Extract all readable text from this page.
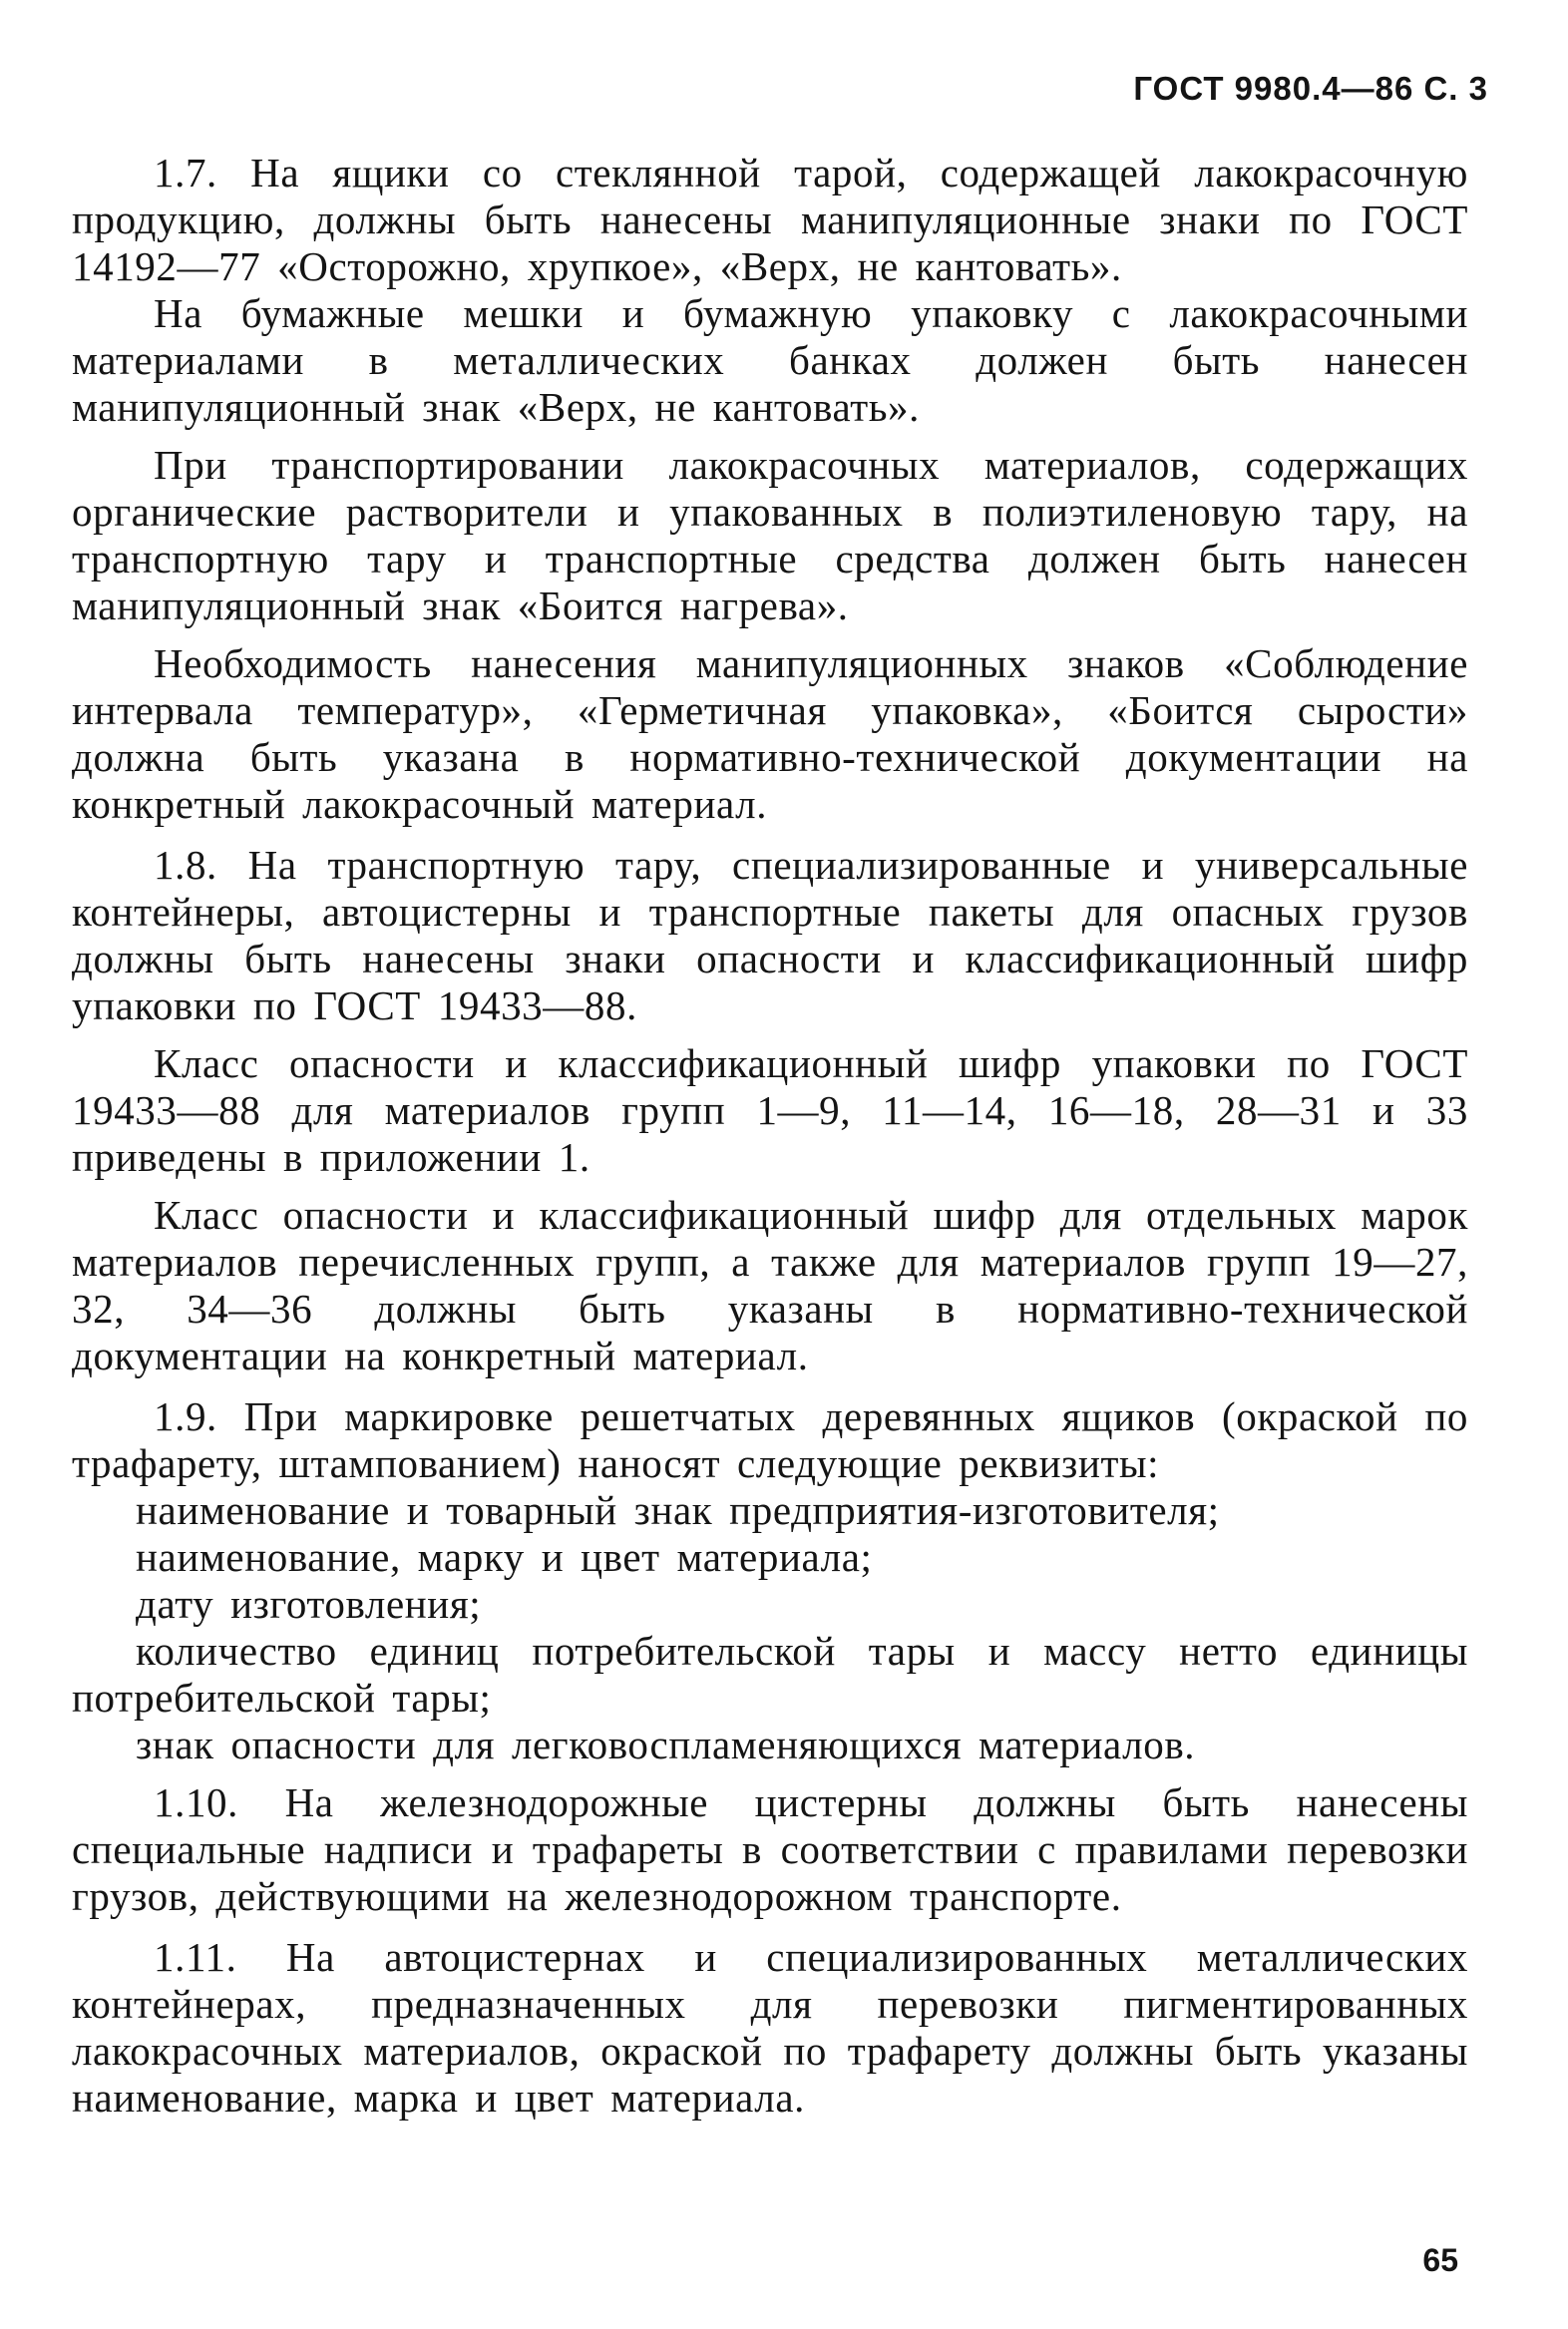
ГОСТ 9980.4—86 С. 3

1.7. На ящики со стеклянной тарой, содержащей лакокрасочную продукцию, должны быть нанесены манипуляционные знаки по ГОСТ 14192—77 «Осторожно, хрупкое», «Верх, не кантовать».

На бумажные мешки и бумажную упаковку с лакокрасочными материалами в металлических банках должен быть нанесен манипуляционный знак «Верх, не кантовать».

При транспортировании лакокрасочных материалов, содержащих органические растворители и упакованных в полиэтиленовую тару, на транспортную тару и транспортные средства должен быть нанесен манипуляционный знак «Боится нагрева».

Необходимость нанесения манипуляционных знаков «Соблюдение интервала температур», «Герметичная упаковка», «Боится сырости» должна быть указана в нормативно-технической документации на конкретный лакокрасочный материал.

1.8. На транспортную тару, специализированные и универсальные контейнеры, автоцистерны и транспортные пакеты для опасных грузов должны быть нанесены знаки опасности и классификационный шифр упаковки по ГОСТ 19433—88.

Класс опасности и классификационный шифр упаковки по ГОСТ 19433—88 для материалов групп 1—9, 11—14, 16—18, 28—31 и 33 приведены в приложении 1.

Класс опасности и классификационный шифр для отдельных марок материалов перечисленных групп, а также для материалов групп 19—27, 32, 34—36 должны быть указаны в нормативно-технической документации на конкретный материал.

1.9. При маркировке решетчатых деревянных ящиков (окраской по трафарету, штампованием) наносят следующие реквизиты:

наименование и товарный знак предприятия-изготовителя;

наименование, марку и цвет материала;

дату изготовления;

количество единиц потребительской тары и массу нетто единицы потребительской тары;

знак опасности для легковоспламеняющихся материалов.

1.10. На железнодорожные цистерны должны быть нанесены специальные надписи и трафареты в соответствии с правилами перевозки грузов, действующими на железнодорожном транспорте.

1.11. На автоцистернах и специализированных металлических контейнерах, предназначенных для перевозки пигментированных лакокрасочных материалов, окраской по трафарету должны быть указаны наименование, марка и цвет материала.

65
